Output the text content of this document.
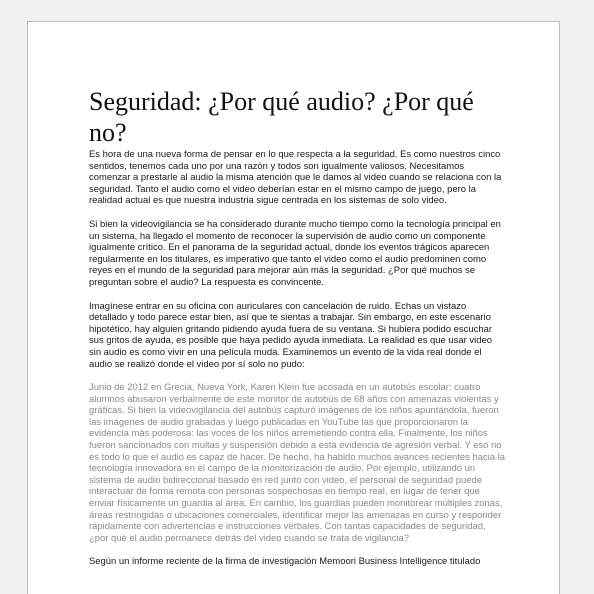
Seguridad: ¿Por qué audio? ¿Por qué no?

Es hora de una nueva forma de pensar en lo que respecta a la seguridad. Es como nuestros cinco sentidos, tenemos cada uno por una razón y todos son igualmente valiosos. Necesitamos comenzar a prestarle al audio la misma atención que le damos al video cuando se relaciona con la seguridad. Tanto el audio como el video deberían estar en el mismo campo de juego, pero la realidad actual es que nuestra industria sigue centrada en los sistemas de solo video.

Si bien la videovigilancia se ha considerado durante mucho tiempo como la tecnología principal en un sistema, ha llegado el momento de reconocer la supervisión de audio como un componente igualmente crítico. En el panorama de la seguridad actual, donde los eventos trágicos aparecen regularmente en los titulares, es imperativo que tanto el video como el audio predominen como reyes en el mundo de la seguridad para mejorar aún más la seguridad. ¿Por qué muchos se preguntan sobre el audio? La respuesta es convincente.

Imagínese entrar en su oficina con auriculares con cancelación de ruido. Echas un vistazo detallado y todo parece estar bien, así que te sientas a trabajar. Sin embargo, en este escenario hipotético, hay alguien gritando pidiendo ayuda fuera de su ventana. Si hubiera podido escuchar sus gritos de ayuda, es posible que haya pedido ayuda inmediata. La realidad es que usar video sin audio es como vivir en una película muda. Examinemos un evento de la vida real donde el audio se realizó donde el video por sí solo no pudo:

Junio de 2012 en Grecia, Nueva York, Karen Klein fue acosada en un autobús escolar: cuatro alumnos abusaron verbalmente de este monitor de autobús de 68 años con amenazas violentas y gráficas. Si bien la videovigilancia del autobús capturó imágenes de los niños apuntándola, fueron las imágenes de audio grabadas y luego publicadas en YouTube las que proporcionaron la evidencia más poderosa: las voces de los niños arremetiendo contra ella. Finalmente, los niños fueron sancionados con multas y suspensión debido a esta evidencia de agresión verbal. Y eso no es todo lo que el audio es capaz de hacer. De hecho, ha habido muchos avances recientes hacia la tecnología innovadora en el campo de la monitorización de audio. Por ejemplo, utilizando un sistema de audio bidireccional basado en red junto con video, el personal de seguridad puede interactuar de forma remota con personas sospechosas en tiempo real, en lugar de tener que enviar físicamente un guardia al área. En cambio, los guardias pueden monitorear múltiples zonas, áreas restringidas o ubicaciones comerciales, identificar mejor las amenazas en curso y responder rápidamente con advertencias e instrucciones verbales. Con tantas capacidades de seguridad, ¿por qué el audio permanece detrás del video cuando se trata de vigilancia?

Según un informe reciente de la firma de investigación Memoori Business Intelligence titulado
